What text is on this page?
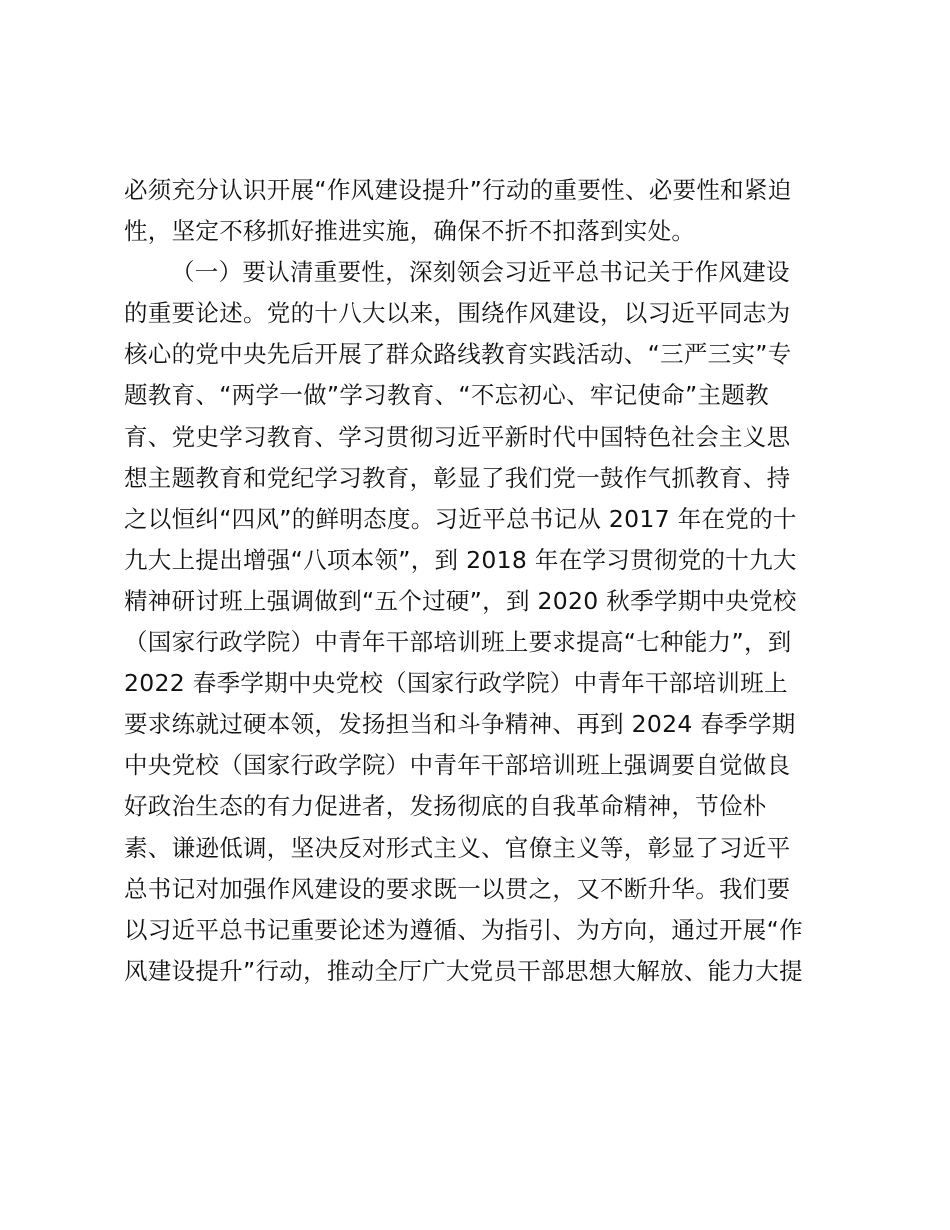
必须充分认识开展“作风建设提升”行动的重要性、必要性和紧迫
性，坚定不移抓好推进实施，确保不折不扣落到实处。
（一）要认清重要性，深刻领会习近平总书记关于作风建设
的重要论述。党的十八大以来，围绕作风建设，以习近平同志为
核心的党中央先后开展了群众路线教育实践活动、“三严三实”专
题教育、“两学一做”学习教育、“不忘初心、牢记使命”主题教
育、党史学习教育、学习贯彻习近平新时代中国特色社会主义思
想主题教育和党纪学习教育，彰显了我们党一鼓作气抓教育、持
之以恒纠“四风”的鲜明态度。习近平总书记从 2017 年在党的十
九大上提出增强“八项本领”，到 2018 年在学习贯彻党的十九大
精神研讨班上强调做到“五个过硬”，到 2020 秋季学期中央党校
（国家行政学院）中青年干部培训班上要求提高“七种能力”，到
2022 春季学期中央党校（国家行政学院）中青年干部培训班上
要求练就过硬本领，发扬担当和斗争精神、再到 2024 春季学期
中央党校（国家行政学院）中青年干部培训班上强调要自觉做良
好政治生态的有力促进者，发扬彻底的自我革命精神，节俭朴
素、谦逊低调，坚决反对形式主义、官僚主义等，彰显了习近平
总书记对加强作风建设的要求既一以贯之，又不断升华。我们要
以习近平总书记重要论述为遵循、为指引、为方向，通过开展“作
风建设提升”行动，推动全厅广大党员干部思想大解放、能力大提
